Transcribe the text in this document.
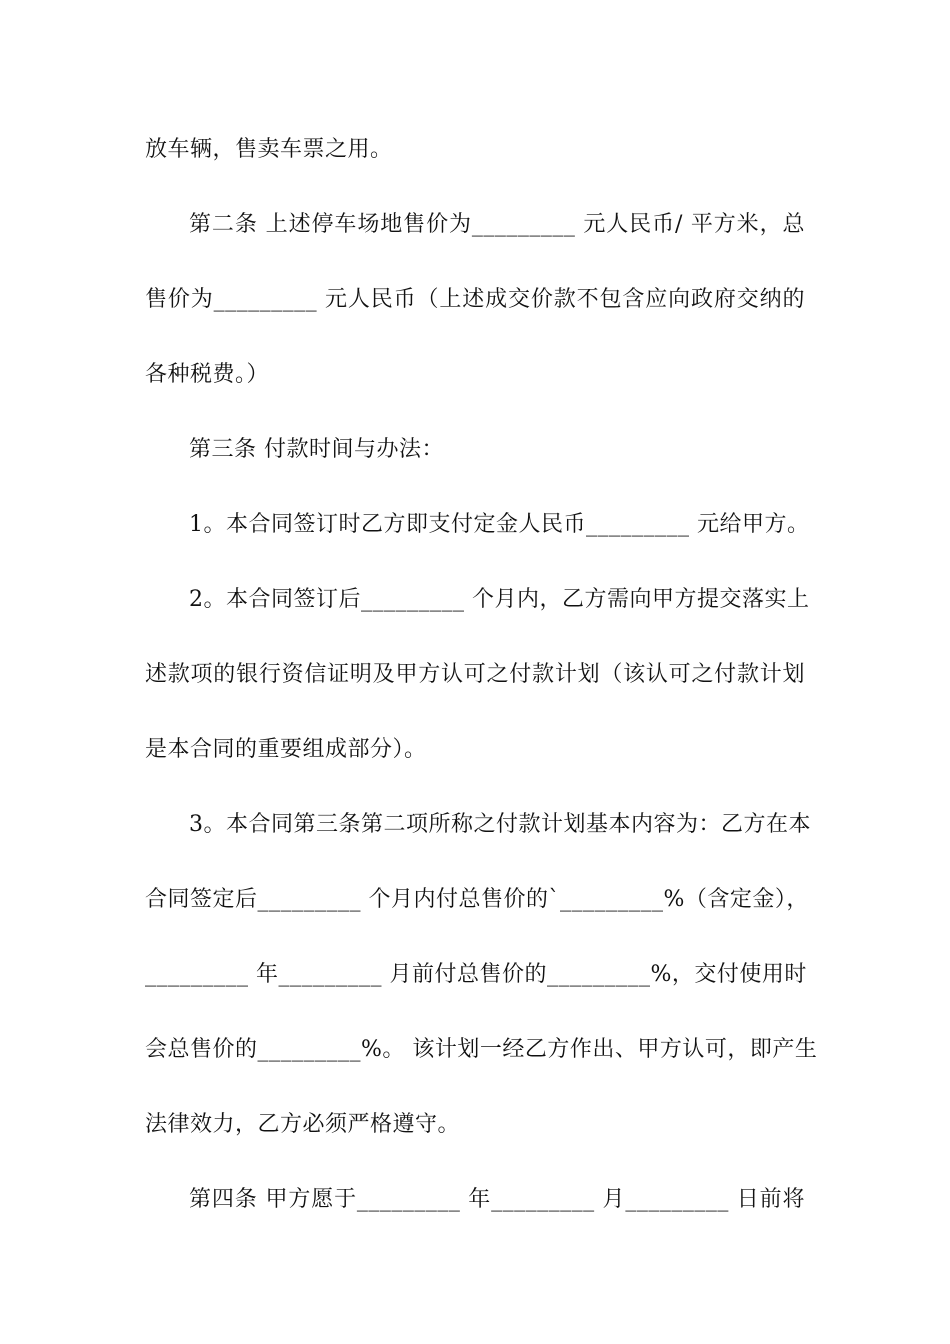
放车辆，售卖车票之用。
第二条 上述停车场地售价为_________ 元人民币/ 平方米，总
售价为_________ 元人民币（上述成交价款不包含应向政府交纳的
各种税费。）
第三条 付款时间与办法：
1。本合同签订时乙方即支付定金人民币_________ 元给甲方。
2。本合同签订后_________ 个月内，乙方需向甲方提交落实上
述款项的银行资信证明及甲方认可之付款计划（该认可之付款计划
是本合同的重要组成部分）。
3。本合同第三条第二项所称之付款计划基本内容为：乙方在本
合同签定后_________ 个月内付总售价的`_________%（含定金），
_________ 年_________ 月前付总售价的_________%，交付使用时
会总售价的_________%。 该计划一经乙方作出、甲方认可，即产生
法律效力，乙方必须严格遵守。
第四条 甲方愿于_________ 年_________ 月_________ 日前将
